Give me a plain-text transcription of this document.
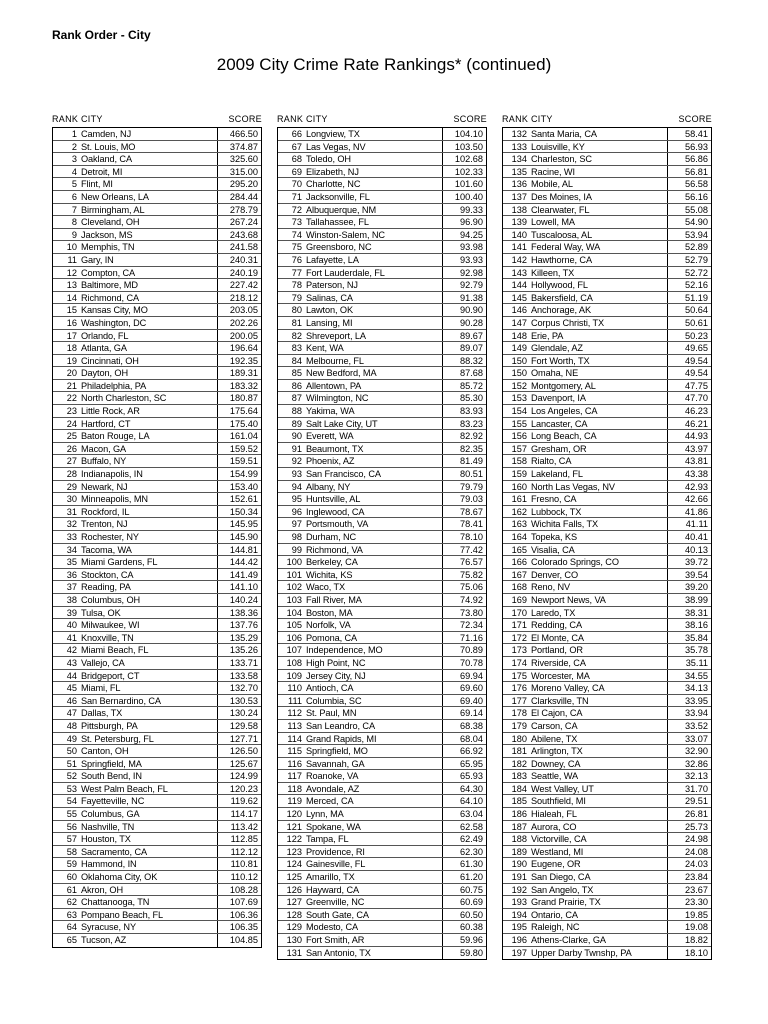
Rank Order - City
2009 City Crime Rate Rankings* (continued)
RANK CITY	SCORE
1 Camden, NJ	466.50
2 St. Louis, MO	374.87
3 Oakland, CA	325.60
4 Detroit, MI	315.00
5 Flint, MI	295.20
6 New Orleans, LA	284.44
7 Birmingham, AL	278.79
8 Cleveland, OH	267.24
9 Jackson, MS	243.68
10 Memphis, TN	241.58
11 Gary, IN	240.31
12 Compton, CA	240.19
13 Baltimore, MD	227.42
14 Richmond, CA	218.12
15 Kansas City, MO	203.05
16 Washington, DC	202.26
17 Orlando, FL	200.05
18 Atlanta, GA	196.64
19 Cincinnati, OH	192.35
20 Dayton, OH	189.31
21 Philadelphia, PA	183.32
22 North Charleston, SC	180.87
23 Little Rock, AR	175.64
24 Hartford, CT	175.40
25 Baton Rouge, LA	161.04
26 Macon, GA	159.52
27 Buffalo, NY	159.51
28 Indianapolis, IN	154.99
29 Newark, NJ	153.40
30 Minneapolis, MN	152.61
31 Rockford, IL	150.34
32 Trenton, NJ	145.95
33 Rochester, NY	145.90
34 Tacoma, WA	144.81
35 Miami Gardens, FL	144.42
36 Stockton, CA	141.49
37 Reading, PA	141.10
38 Columbus, OH	140.24
39 Tulsa, OK	138.36
40 Milwaukee, WI	137.76
41 Knoxville, TN	135.29
42 Miami Beach, FL	135.26
43 Vallejo, CA	133.71
44 Bridgeport, CT	133.58
45 Miami, FL	132.70
46 San Bernardino, CA	130.53
47 Dallas, TX	130.24
48 Pittsburgh, PA	129.58
49 St. Petersburg, FL	127.71
50 Canton, OH	126.50
51 Springfield, MA	125.67
52 South Bend, IN	124.99
53 West Palm Beach, FL	120.23
54 Fayetteville, NC	119.62
55 Columbus, GA	114.17
56 Nashville, TN	113.42
57 Houston, TX	112.85
58 Sacramento, CA	112.12
59 Hammond, IN	110.81
60 Oklahoma City, OK	110.12
61 Akron, OH	108.28
62 Chattanooga, TN	107.69
63 Pompano Beach, FL	106.36
64 Syracuse, NY	106.35
65 Tucson, AZ	104.85
RANK CITY	SCORE
66 Longview, TX	104.10
67 Las Vegas, NV	103.50
68 Toledo, OH	102.68
69 Elizabeth, NJ	102.33
70 Charlotte, NC	101.60
71 Jacksonville, FL	100.40
72 Albuquerque, NM	99.33
73 Tallahassee, FL	96.90
74 Winston-Salem, NC	94.25
75 Greensboro, NC	93.98
76 Lafayette, LA	93.93
77 Fort Lauderdale, FL	92.98
78 Paterson, NJ	92.79
79 Salinas, CA	91.38
80 Lawton, OK	90.90
81 Lansing, MI	90.28
82 Shreveport, LA	89.67
83 Kent, WA	89.07
84 Melbourne, FL	88.32
85 New Bedford, MA	87.68
86 Allentown, PA	85.72
87 Wilmington, NC	85.30
88 Yakima, WA	83.93
89 Salt Lake City, UT	83.23
90 Everett, WA	82.92
91 Beaumont, TX	82.35
92 Phoenix, AZ	81.49
93 San Francisco, CA	80.51
94 Albany, NY	79.79
95 Huntsville, AL	79.03
96 Inglewood, CA	78.67
97 Portsmouth, VA	78.41
98 Durham, NC	78.10
99 Richmond, VA	77.42
100 Berkeley, CA	76.57
101 Wichita, KS	75.82
102 Waco, TX	75.06
103 Fall River, MA	74.92
104 Boston, MA	73.80
105 Norfolk, VA	72.34
106 Pomona, CA	71.16
107 Independence, MO	70.89
108 High Point, NC	70.78
109 Jersey City, NJ	69.94
110 Antioch, CA	69.60
111 Columbia, SC	69.40
112 St. Paul, MN	69.14
113 San Leandro, CA	68.38
114 Grand Rapids, MI	68.04
115 Springfield, MO	66.92
116 Savannah, GA	65.95
117 Roanoke, VA	65.93
118 Avondale, AZ	64.30
119 Merced, CA	64.10
120 Lynn, MA	63.04
121 Spokane, WA	62.58
122 Tampa, FL	62.49
123 Providence, RI	62.30
124 Gainesville, FL	61.30
125 Amarillo, TX	61.20
126 Hayward, CA	60.75
127 Greenville, NC	60.69
128 South Gate, CA	60.50
129 Modesto, CA	60.38
130 Fort Smith, AR	59.96
131 San Antonio, TX	59.80
RANK CITY	SCORE
132 Santa Maria, CA	58.41
133 Louisville, KY	56.93
134 Charleston, SC	56.86
135 Racine, WI	56.81
136 Mobile, AL	56.58
137 Des Moines, IA	56.16
138 Clearwater, FL	55.08
139 Lowell, MA	54.90
140 Tuscaloosa, AL	53.94
141 Federal Way, WA	52.89
142 Hawthorne, CA	52.79
143 Killeen, TX	52.72
144 Hollywood, FL	52.16
145 Bakersfield, CA	51.19
146 Anchorage, AK	50.64
147 Corpus Christi, TX	50.61
148 Erie, PA	50.23
149 Glendale, AZ	49.65
150 Fort Worth, TX	49.54
150 Omaha, NE	49.54
152 Montgomery, AL	47.75
153 Davenport, IA	47.70
154 Los Angeles, CA	46.23
155 Lancaster, CA	46.21
156 Long Beach, CA	44.93
157 Gresham, OR	43.97
158 Rialto, CA	43.81
159 Lakeland, FL	43.38
160 North Las Vegas, NV	42.93
161 Fresno, CA	42.66
162 Lubbock, TX	41.86
163 Wichita Falls, TX	41.11
164 Topeka, KS	40.41
165 Visalia, CA	40.13
166 Colorado Springs, CO	39.72
167 Denver, CO	39.54
168 Reno, NV	39.20
169 Newport News, VA	38.99
170 Laredo, TX	38.31
171 Redding, CA	38.16
172 El Monte, CA	35.84
173 Portland, OR	35.78
174 Riverside, CA	35.11
175 Worcester, MA	34.55
176 Moreno Valley, CA	34.13
177 Clarksville, TN	33.95
178 El Cajon, CA	33.94
179 Carson, CA	33.52
180 Abilene, TX	33.07
181 Arlington, TX	32.90
182 Downey, CA	32.86
183 Seattle, WA	32.13
184 West Valley, UT	31.70
185 Southfield, MI	29.51
186 Hialeah, FL	26.81
187 Aurora, CO	25.73
188 Victorville, CA	24.98
189 Westland, MI	24.08
190 Eugene, OR	24.03
191 San Diego, CA	23.84
192 San Angelo, TX	23.67
193 Grand Prairie, TX	23.30
194 Ontario, CA	19.85
195 Raleigh, NC	19.08
196 Athens-Clarke, GA	18.82
197 Upper Darby Twnshp, PA	18.10
